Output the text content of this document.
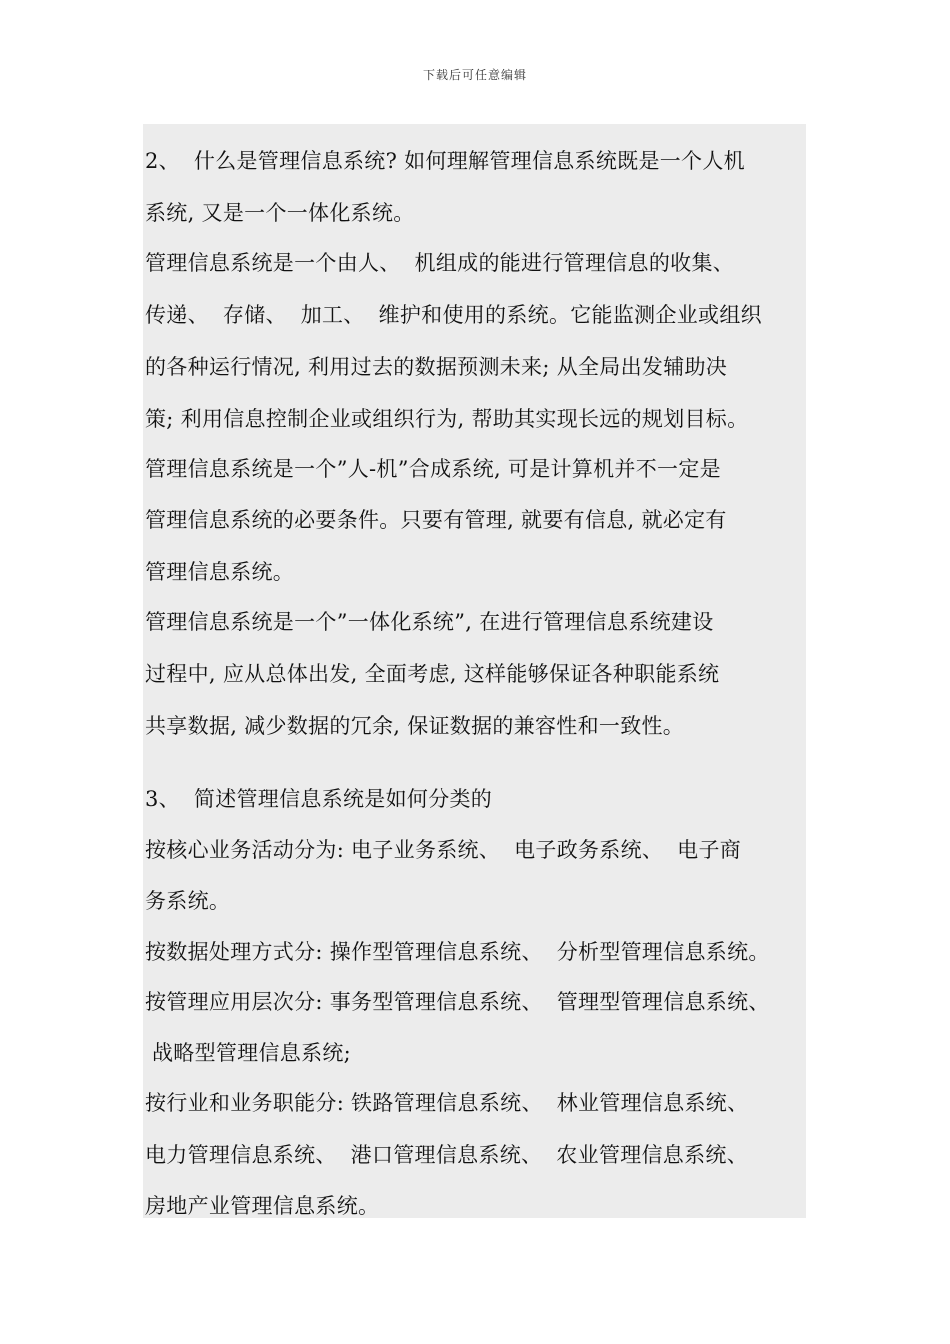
下载后可任意编辑
2、  什么是管理信息系统? 如何理解管理信息系统既是一个人机
系统, 又是一个一体化系统。
管理信息系统是一个由人、  机组成的能进行管理信息的收集、
传递、  存储、  加工、  维护和使用的系统。它能监测企业或组织
的各种运行情况, 利用过去的数据预测未来; 从全局出发辅助决
策; 利用信息控制企业或组织行为, 帮助其实现长远的规划目标。
管理信息系统是一个”人-机”合成系统, 可是计算机并不一定是
管理信息系统的必要条件。只要有管理, 就要有信息, 就必定有
管理信息系统。
管理信息系统是一个”一体化系统”, 在进行管理信息系统建设
过程中, 应从总体出发, 全面考虑, 这样能够保证各种职能系统
共享数据, 减少数据的冗余, 保证数据的兼容性和一致性。
3、  简述管理信息系统是如何分类的
按核心业务活动分为: 电子业务系统、  电子政务系统、  电子商
务系统。
按数据处理方式分: 操作型管理信息系统、  分析型管理信息系统。
按管理应用层次分: 事务型管理信息系统、  管理型管理信息系统、
战略型管理信息系统;
按行业和业务职能分: 铁路管理信息系统、  林业管理信息系统、
电力管理信息系统、  港口管理信息系统、  农业管理信息系统、
房地产业管理信息系统。
